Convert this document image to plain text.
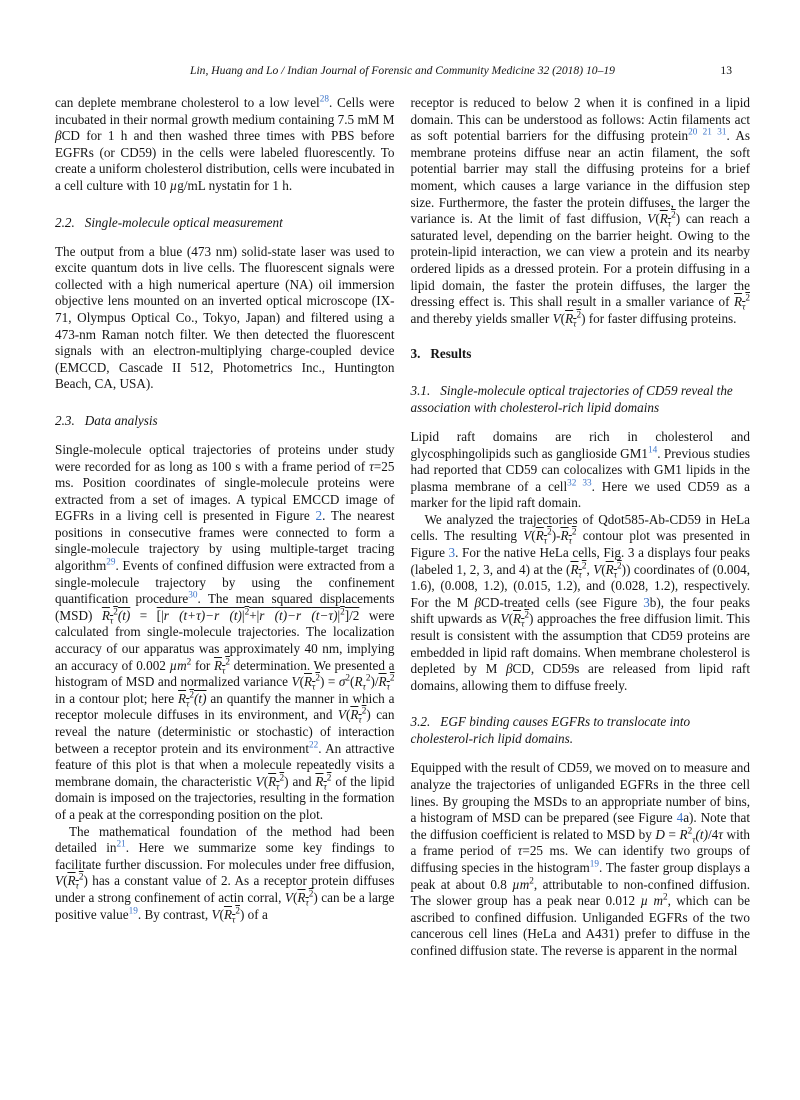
Lin, Huang and Lo / Indian Journal of Forensic and Community Medicine 32 (2018) 10–19	13
can deplete membrane cholesterol to a low level$^{28}$. Cells were incubated in their normal growth medium containing 7.5 mM M βCD for 1 h and then washed three times with PBS before EGFRs (or CD59) in the cells were labeled fluorescently. To create a uniform cholesterol distribution, cells were incubated in a cell culture with 10 µg/mL nystatin for 1 h.
2.2. Single-molecule optical measurement
The output from a blue (473 nm) solid-state laser was used to excite quantum dots in live cells. The fluorescent signals were collected with a high numerical aperture (NA) oil immersion objective lens mounted on an inverted optical microscope (IX-71, Olympus Optical Co., Tokyo, Japan) and filtered using a 473-nm Raman notch filter. We then detected the fluorescent signals with an electron-multiplying charge-coupled device (EMCCD, Cascade II 512, Photometrics Inc., Huntington Beach, CA, USA).
2.3. Data analysis
Single-molecule optical trajectories of proteins under study were recorded for as long as 100 s with a frame period of τ=25 ms. Position coordinates of single-molecule proteins were extracted from a set of images. A typical EMCCD image of EGFRs in a living cell is presented in Figure 2. The nearest positions in consecutive frames were connected to form a single-molecule trajectory by using multiple-target tracing algorithm$^{29}$. Events of confined diffusion were extracted from a single-molecule trajectory by using the confinement quantification procedure$^{30}$. The mean squared displacements (MSD) $R_\tau^2(t)$ = $[|r⃗(t+\tau)-r⃗(t)|^2+|r⃗(t)-r⃗(t-\tau)|^2]/2$ were calculated from single-molecule trajectories. The localization accuracy of our apparatus was approximately 40 nm, implying an accuracy of 0.002 µm$^2$ for $R_\tau^2$ determination. We presented a histogram of MSD and normalized variance $V(R_\tau^2) = \sigma^2(R_\tau^2)/R_\tau^2$ in a contour plot; here $R_\tau^2(t)$ an quantify the manner in which a receptor molecule diffuses in its environment, and $V(R_\tau^2)$ can reveal the nature (deterministic or stochastic) of interaction between a receptor protein and its environment$^{22}$. An attractive feature of this plot is that when a molecule repeatedly visits a membrane domain, the characteristic $V(R_\tau^2)$ and $R_\tau^2$ of the lipid domain is imposed on the trajectories, resulting in the formation of a peak at the corresponding position on the plot.
The mathematical foundation of the method had been detailed in$^{21}$. Here we summarize some key findings to facilitate further discussion. For molecules under free diffusion, $V(R_\tau^2)$ has a constant value of 2. As a receptor protein diffuses under a strong confinement of actin corral, $V(R_\tau^2)$ can be a large positive value$^{19}$. By contrast, $V(R_\tau^2)$ of a
receptor is reduced to below 2 when it is confined in a lipid domain. This can be understood as follows: Actin filaments act as soft potential barriers for the diffusing protein$^{20 21 31}$. As membrane proteins diffuse near an actin filament, the soft potential barrier may stall the diffusing proteins for a brief moment, which causes a large variance in the diffusion step size. Furthermore, the faster the protein diffuses, the larger the variance is. At the limit of fast diffusion, $V(R_\tau^2)$ can reach a saturated level, depending on the barrier height. Owing to the protein-lipid interaction, we can view a protein and its nearby ordered lipids as a dressed protein. For a protein diffusing in a lipid domain, the faster the protein diffuses, the larger the dressing effect is. This shall result in a smaller variance of $R_\tau^2$ and thereby yields smaller $V(R_\tau^2)$ for faster diffusing proteins.
3. Results
3.1. Single-molecule optical trajectories of CD59 reveal the association with cholesterol-rich lipid domains
Lipid raft domains are rich in cholesterol and glycosphingolipids such as ganglioside GM1$^{14}$. Previous studies had reported that CD59 can colocalizes with GM1 lipids in the plasma membrane of a cell$^{32 33}$. Here we used CD59 as a marker for the lipid raft domain.
We analyzed the trajectories of Qdot585-Ab-CD59 in HeLa cells. The resulting $V(R_\tau^2)-R_\tau^2$ contour plot was presented in Figure 3. For the native HeLa cells, Fig. 3 a displays four peaks (labeled 1, 2, 3, and 4) at the ($R_\tau^2$, $V(R_\tau^2)$) coordinates of (0.004, 1.6), (0.008, 1.2), (0.015, 1.2), and (0.028, 1.2), respectively. For the M βCD-treated cells (see Figure 3b), the four peaks shift upwards as $V(R_\tau^2)$ approaches the free diffusion limit. This result is consistent with the assumption that CD59 proteins are embedded in lipid raft domains. When membrane cholesterol is depleted by M βCD, CD59s are released from lipid raft domains, allowing them to diffuse freely.
3.2. EGF binding causes EGFRs to translocate into cholesterol-rich lipid domains.
Equipped with the result of CD59, we moved on to measure and analyze the trajectories of unliganded EGFRs in the three cell lines. By grouping the MSDs to an appropriate number of bins, a histogram of MSD can be prepared (see Figure 4a). Note that the diffusion coefficient is related to MSD by $D = R^2_\tau(t)/4\tau$ with a frame period of τ=25 ms. We can identify two groups of diffusing species in the histogram$^{19}$. The faster group displays a peak at about 0.8 µm$^2$, attributable to non-confined diffusion. The slower group has a peak near 0.012 µ $m^2$, which can be ascribed to confined diffusion. Unliganded EGFRs of the two cancerous cell lines (HeLa and A431) prefer to diffuse in the confined diffusion state. The reverse is apparent in the normal
